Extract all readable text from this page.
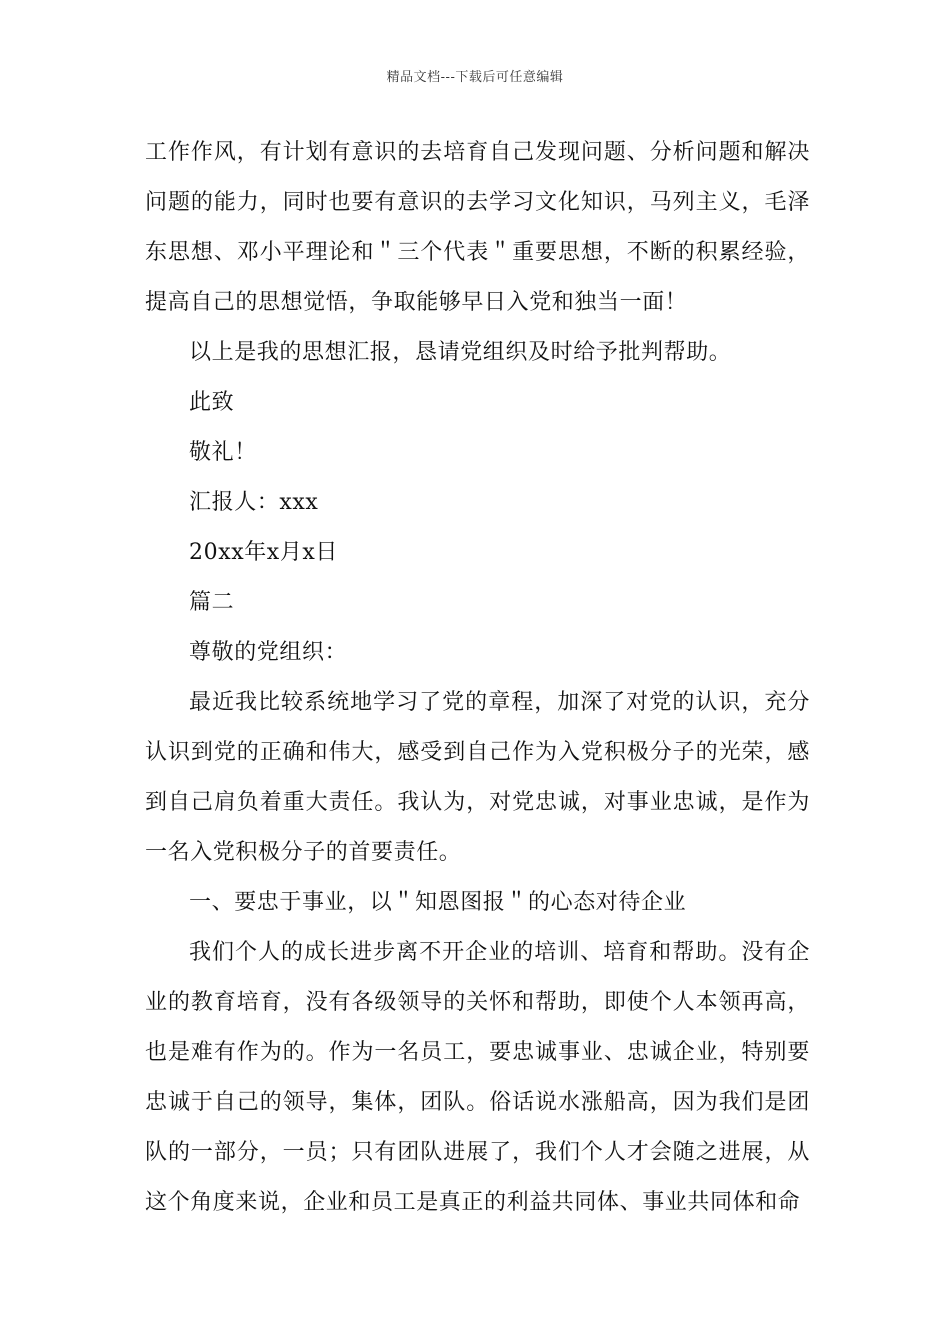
精品文档---下载后可任意编辑

工作作风，有计划有意识的去培育自己发现问题、分析问题和解决问题的能力，同时也要有意识的去学习文化知识，马列主义，毛泽东思想、邓小平理论和＂三个代表＂重要思想，不断的积累经验，提高自己的思想觉悟，争取能够早日入党和独当一面！

以上是我的思想汇报，恳请党组织及时给予批判帮助。

此致

敬礼！

汇报人：xxx

20xx年x月x日

篇二

尊敬的党组织：

最近我比较系统地学习了党的章程，加深了对党的认识，充分认识到党的正确和伟大，感受到自己作为入党积极分子的光荣，感到自己肩负着重大责任。我认为，对党忠诚，对事业忠诚，是作为一名入党积极分子的首要责任。

一、要忠于事业，以＂知恩图报＂的心态对待企业

我们个人的成长进步离不开企业的培训、培育和帮助。没有企业的教育培育，没有各级领导的关怀和帮助，即使个人本领再高，也是难有作为的。作为一名员工，要忠诚事业、忠诚企业，特别要忠诚于自己的领导，集体，团队。俗话说水涨船高，因为我们是团队的一部分，一员；只有团队进展了，我们个人才会随之进展，从这个角度来说，企业和员工是真正的利益共同体、事业共同体和命
